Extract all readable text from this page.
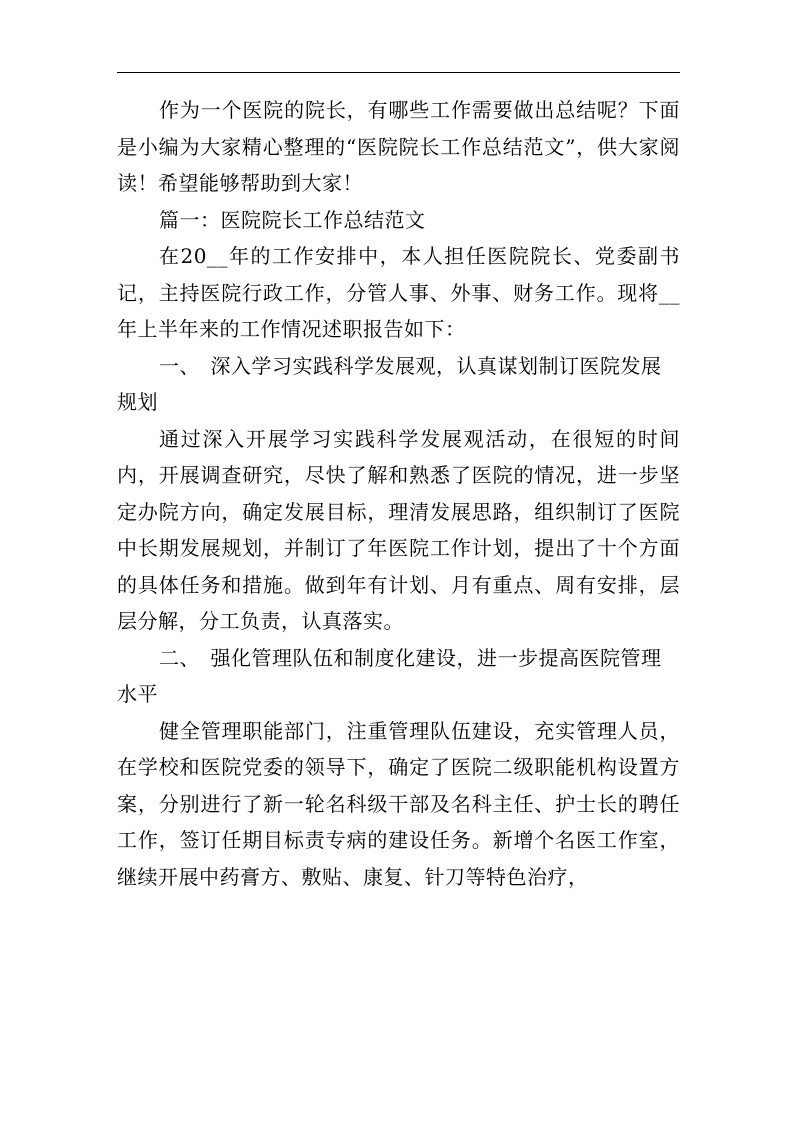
作为一个医院的院长，有哪些工作需要做出总结呢？下面是小编为大家精心整理的“医院院长工作总结范文”，供大家阅读！希望能够帮助到大家！

篇一：医院院长工作总结范文

在20__年的工作安排中，本人担任医院院长、党委副书记，主持医院行政工作，分管人事、外事、财务工作。现将__年上半年来的工作情况述职报告如下：

一、　深入学习实践科学发展观，认真谋划制订医院发展规划

通过深入开展学习实践科学发展观活动，在很短的时间内，开展调查研究，尽快了解和熟悉了医院的情况，进一步坚定办院方向，确定发展目标，理清发展思路，组织制订了医院中长期发展规划，并制订了年医院工作计划，提出了十个方面的具体任务和措施。做到年有计划、月有重点、周有安排，层层分解，分工负责，认真落实。

二、　强化管理队伍和制度化建设，进一步提高医院管理水平

健全管理职能部门，注重管理队伍建设，充实管理人员，在学校和医院党委的领导下，确定了医院二级职能机构设置方案，分别进行了新一轮名科级干部及名科主任、护士长的聘任工作，签订任期目标责专病的建设任务。新增个名医工作室，继续开展中药膏方、敷贴、康复、针刀等特色治疗，
